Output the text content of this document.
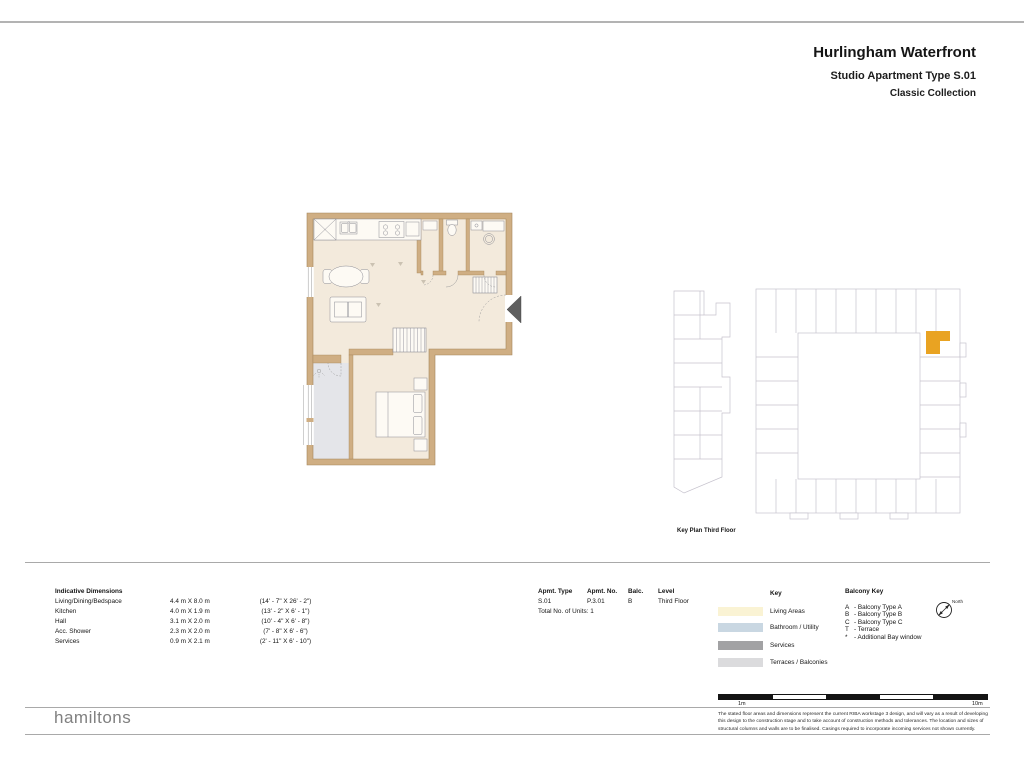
Hurlingham Waterfront
Studio Apartment Type S.01
Classic Collection
Key Plan Third Floor
Indicative Dimensions
Living/Dining/Bedspace	4.4 m X 8.0 m	(14' - 7" X 26' - 2")
Kitchen	4.0 m X 1.9 m	(13' - 2" X 6' - 1")
Hall	3.1 m X 2.0 m	(10' - 4" X 6' - 8")
Acc. Shower	2.3 m X 2.0 m	(7' - 8" X 6' - 6")
Services	0.9 m X 2.1 m	(2' - 11" X 6' - 10")
Apmt. Type	Apmt. No.	Balc.	Level
S.01	P.3.01	B	Third Floor
Total No. of Units: 1
Key
Living Areas
Bathroom / Utility
Services
Terraces / Balconies
Balcony Key
A - Balcony Type A
B - Balcony Type B
C - Balcony Type C
T - Terrace
* - Additional Bay window
North
1m	10m
hamiltons	The stated floor areas and dimensions represent the current RIBA workstage 3 design, and will vary as a result of developing this design to the construction stage and to take account of construction methods and tolerances. The location and sizes of structural columns and walls are to be finalised. Casings required to incorporate incoming services not shown currently.
